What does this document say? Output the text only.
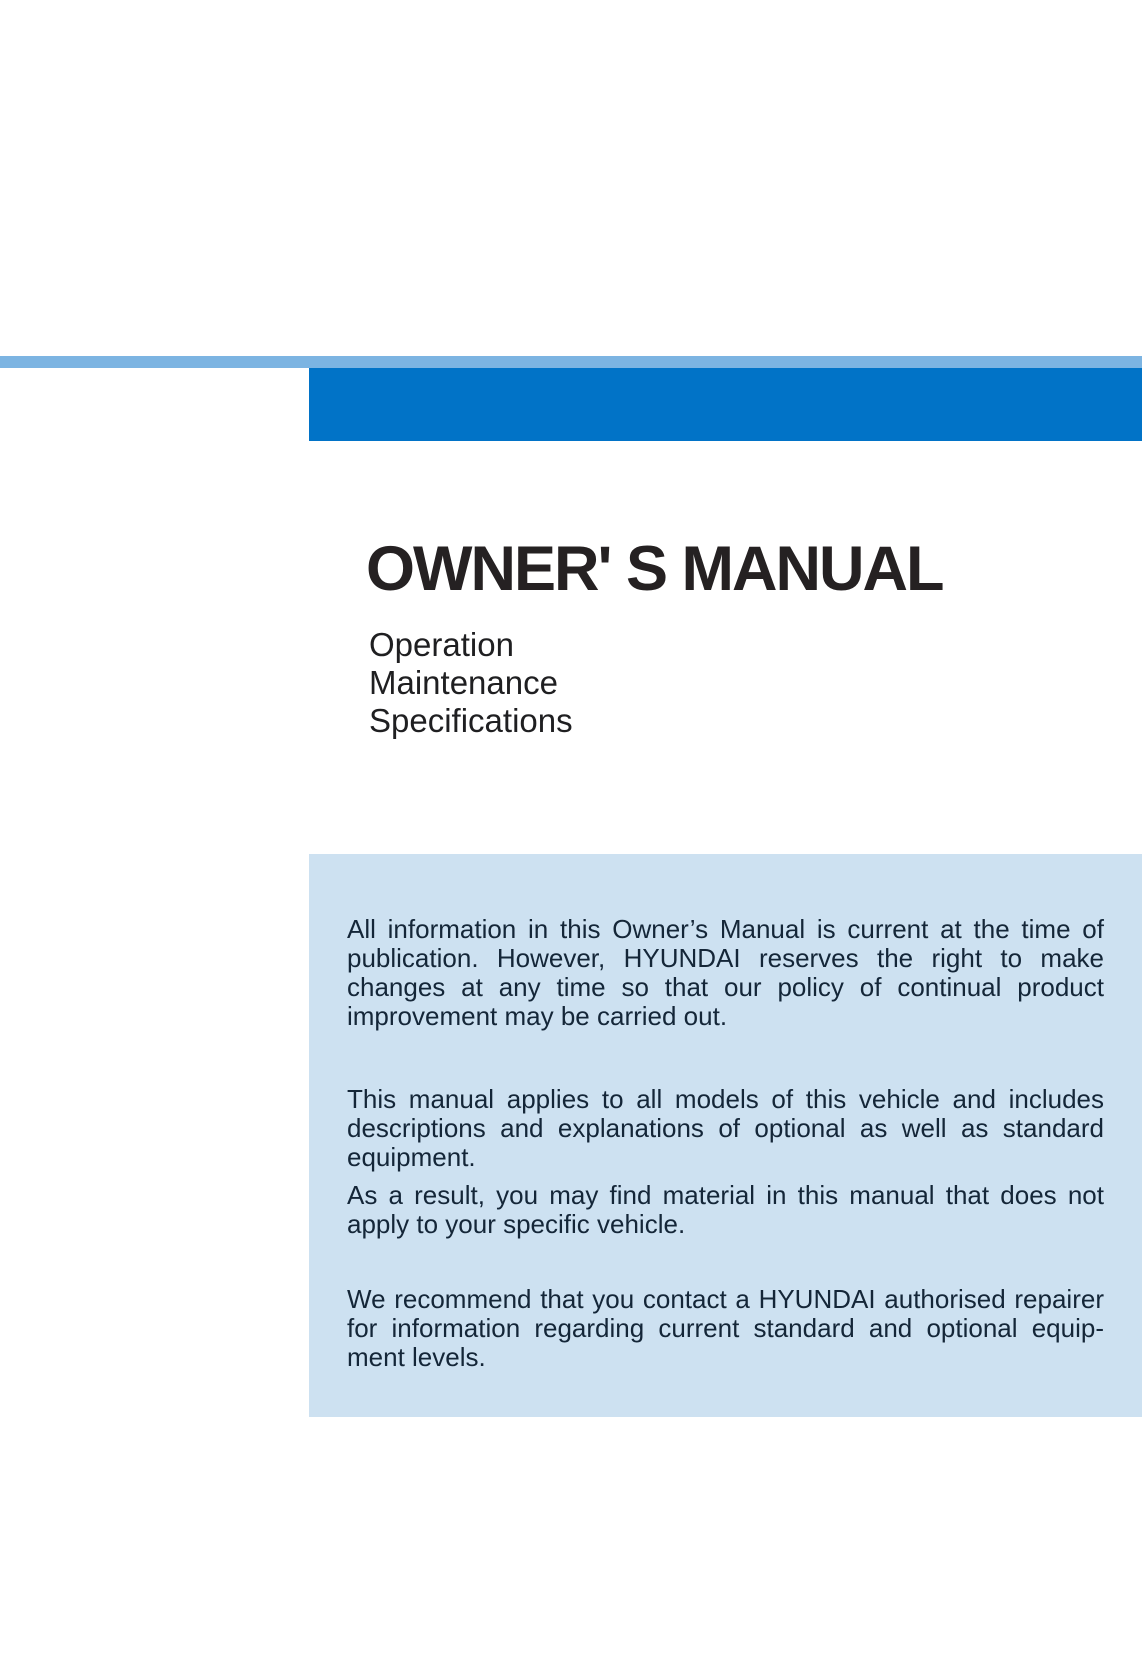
OWNER' S MANUAL
Operation
Maintenance
Specifications
All information in this Owner’s Manual is current at the time of
publication. However, HYUNDAI reserves the right to make
changes at any time so that our policy of continual product
improvement may be carried out.
This manual applies to all models of this vehicle and includes
descriptions and explanations of optional as well as standard
equipment.
As a result, you may find material in this manual that does not
apply to your specific vehicle.
We recommend that you contact a HYUNDAI authorised repairer
for information regarding current standard and optional equip-
ment levels.
